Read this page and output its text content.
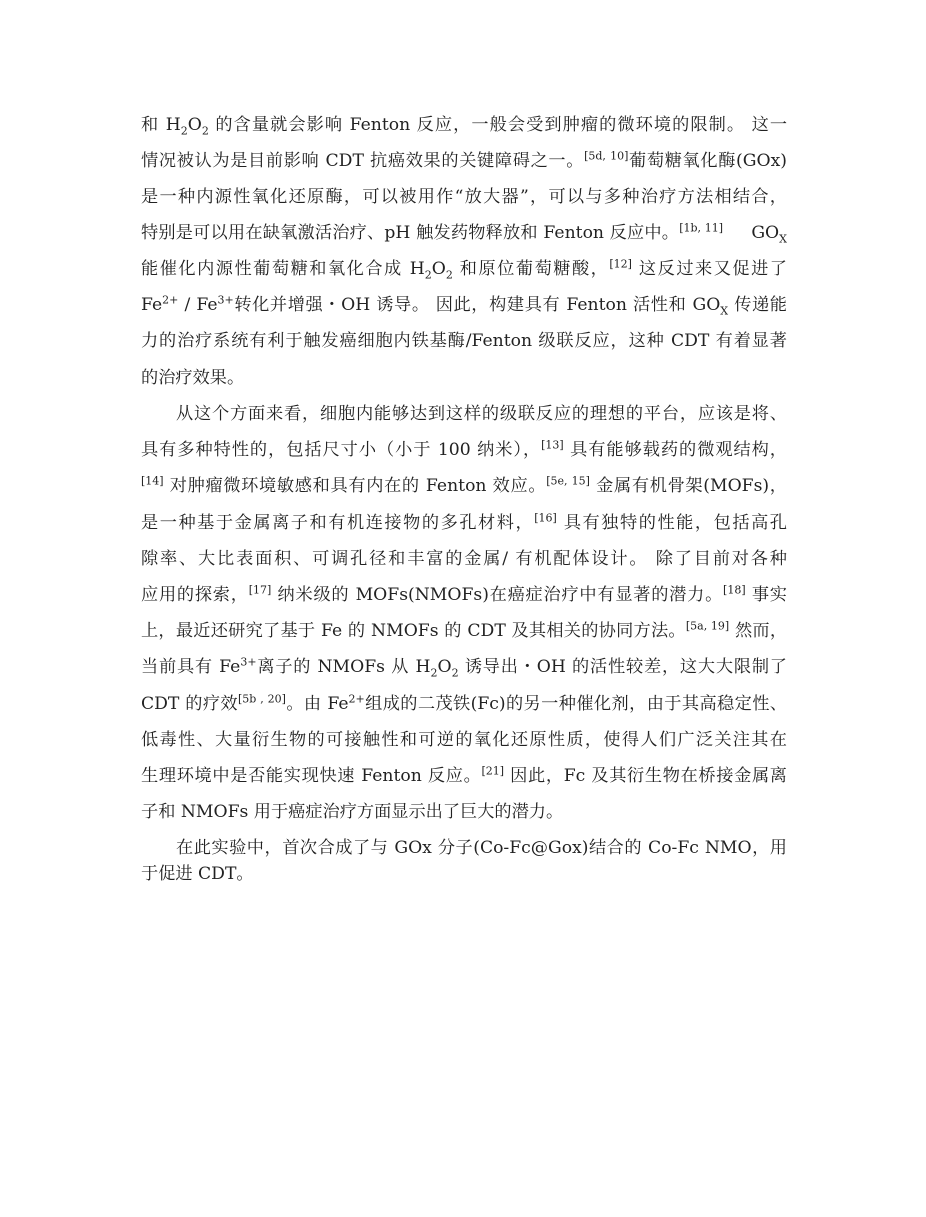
和 $H_2O_2$ 的含量就会影响 Fenton 反应，一般会受到肿瘤的微环境的限制。 这一
情况被认为是目前影响 CDT 抗癌效果的关键障碍之一。[5d, 10]葡萄糖氧化酶(GOx)
是一种内源性氧化还原酶，可以被用作“放大器”，可以与多种治疗方法相结合，
特别是可以用在缺氧激活治疗、pH 触发药物释放和 Fenton 反应中。[1b, 11]     $GO_X$
能催化内源性葡萄糖和氧化合成 $H_2O_2$ 和原位葡萄糖酸，[12] 这反过来又促进了
$Fe^{2+} / Fe^{3+}$转化并增强・OH 诱导。 因此，构建具有 Fenton 活性和 $GO_X$ 传递能
力的治疗系统有利于触发癌细胞内铁基酶/Fenton 级联反应，这种 CDT 有着显著
的治疗效果。
从这个方面来看，细胞内能够达到这样的级联反应的理想的平台，应该是将、
具有多种特性的，包括尺寸小（小于 100 纳米），[13] 具有能够载药的微观结构，
[14] 对肿瘤微环境敏感和具有内在的 Fenton 效应。[5e, 15] 金属有机骨架(MOFs)，
是一种基于金属离子和有机连接物的多孔材料，[16] 具有独特的性能，包括高孔
隙率、大比表面积、可调孔径和丰富的金属/ 有机配体设计。 除了目前对各种
应用的探索，[17] 纳米级的 MOFs(NMOFs)在癌症治疗中有显著的潜力。[18] 事实
上，最近还研究了基于 Fe 的 NMOFs 的 CDT 及其相关的协同方法。[5a, 19] 然而，
当前具有 $Fe^{3+}$离子的 NMOFs 从 $H_2O_2$ 诱导出・OH 的活性较差，这大大限制了
CDT 的疗效[5b , 20]。由 $Fe^{2+}$组成的二茂铁(Fc)的另一种催化剂，由于其高稳定性、
低毒性、大量衍生物的可接触性和可逆的氧化还原性质，使得人们广泛关注其在
生理环境中是否能实现快速 Fenton 反应。[21] 因此，Fc 及其衍生物在桥接金属离
子和 NMOFs 用于癌症治疗方面显示出了巨大的潜力。
在此实验中，首次合成了与 GOx 分子(Co-Fc@Gox)结合的 Co-Fc NMO，用
于促进 CDT。
